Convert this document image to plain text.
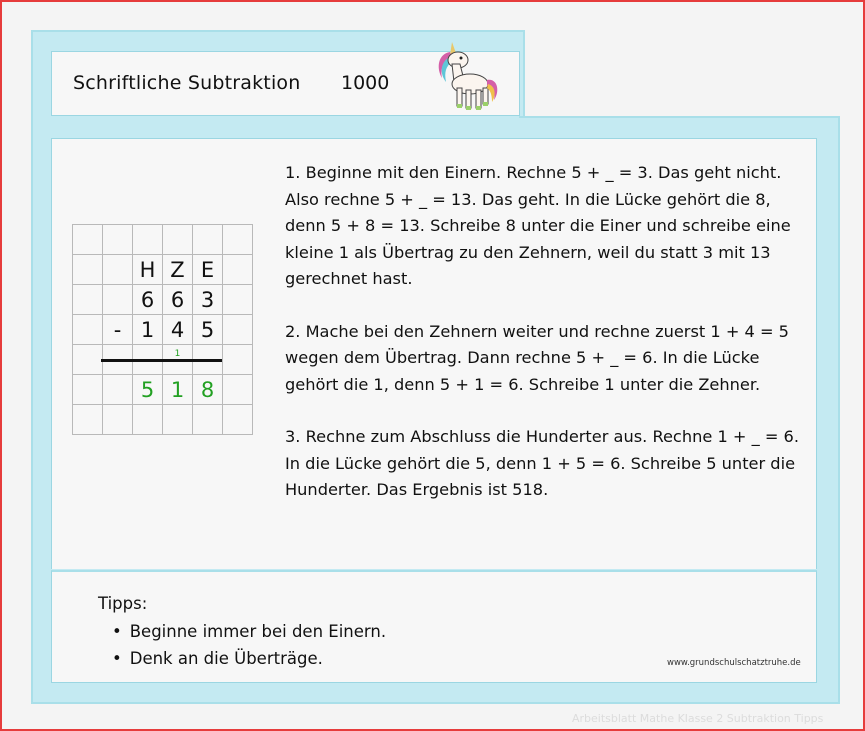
Schriftliche Subtraktion 1000
H Z E
6 6 3
- 1 4 5
1
5 1 8

1. Beginne mit den Einern. Rechne 5 + _ = 3. Das geht nicht. Also rechne 5 + _ = 13. Das geht. In die Lücke gehört die 8, denn 5 + 8 = 13. Schreibe 8 unter die Einer und schreibe eine kleine 1 als Übertrag zu den Zehnern, weil du statt 3 mit 13 gerechnet hast.

2. Mache bei den Zehnern weiter und rechne zuerst 1 + 4 = 5 wegen dem Übertrag. Dann rechne 5 + _ = 6. In die Lücke gehört die 1, denn 5 + 1 = 6. Schreibe 1 unter die Zehner.

3. Rechne zum Abschluss die Hunderter aus. Rechne 1 + _ = 6. In die Lücke gehört die 5, denn 1 + 5 = 6. Schreibe 5 unter die Hunderter. Das Ergebnis ist 518.

Tipps:
• Beginne immer bei den Einern.
• Denk an die Überträge.	www.grundschulschatztruhe.de
Arbeitsblatt Mathe Klasse 2 Subtraktion Tipps
